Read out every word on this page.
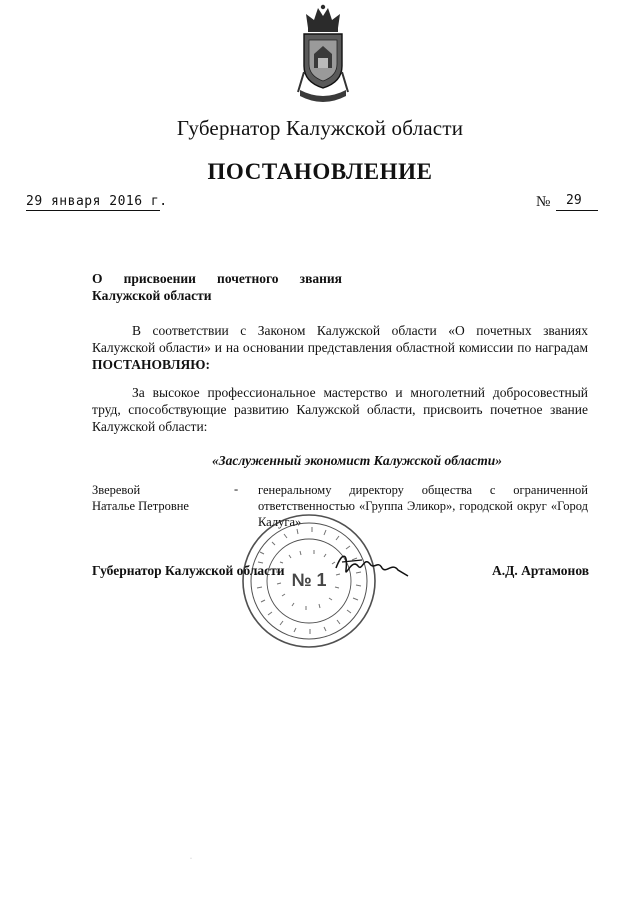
Губернатор Калужской области
ПОСТАНОВЛЕНИЕ
29 января 2016 г.	№ 29
О присвоении почетного звания
Калужской области
В соответствии с Законом Калужской области «О почетных званиях Калужской области» и на основании представления областной комиссии по наградам ПОСТАНОВЛЯЮ:
За высокое профессиональное мастерство и многолетний добросовестный труд, способствующие развитию Калужской области, присвоить почетное звание Калужской области:
«Заслуженный экономист Калужской области»
Зверевой
Наталье Петровне
- генеральному директору общества с ограниченной ответственностью «Группа Эликор», городской округ «Город Калуга»
Губернатор Калужской области	А.Д. Артамонов
№ 1
·
